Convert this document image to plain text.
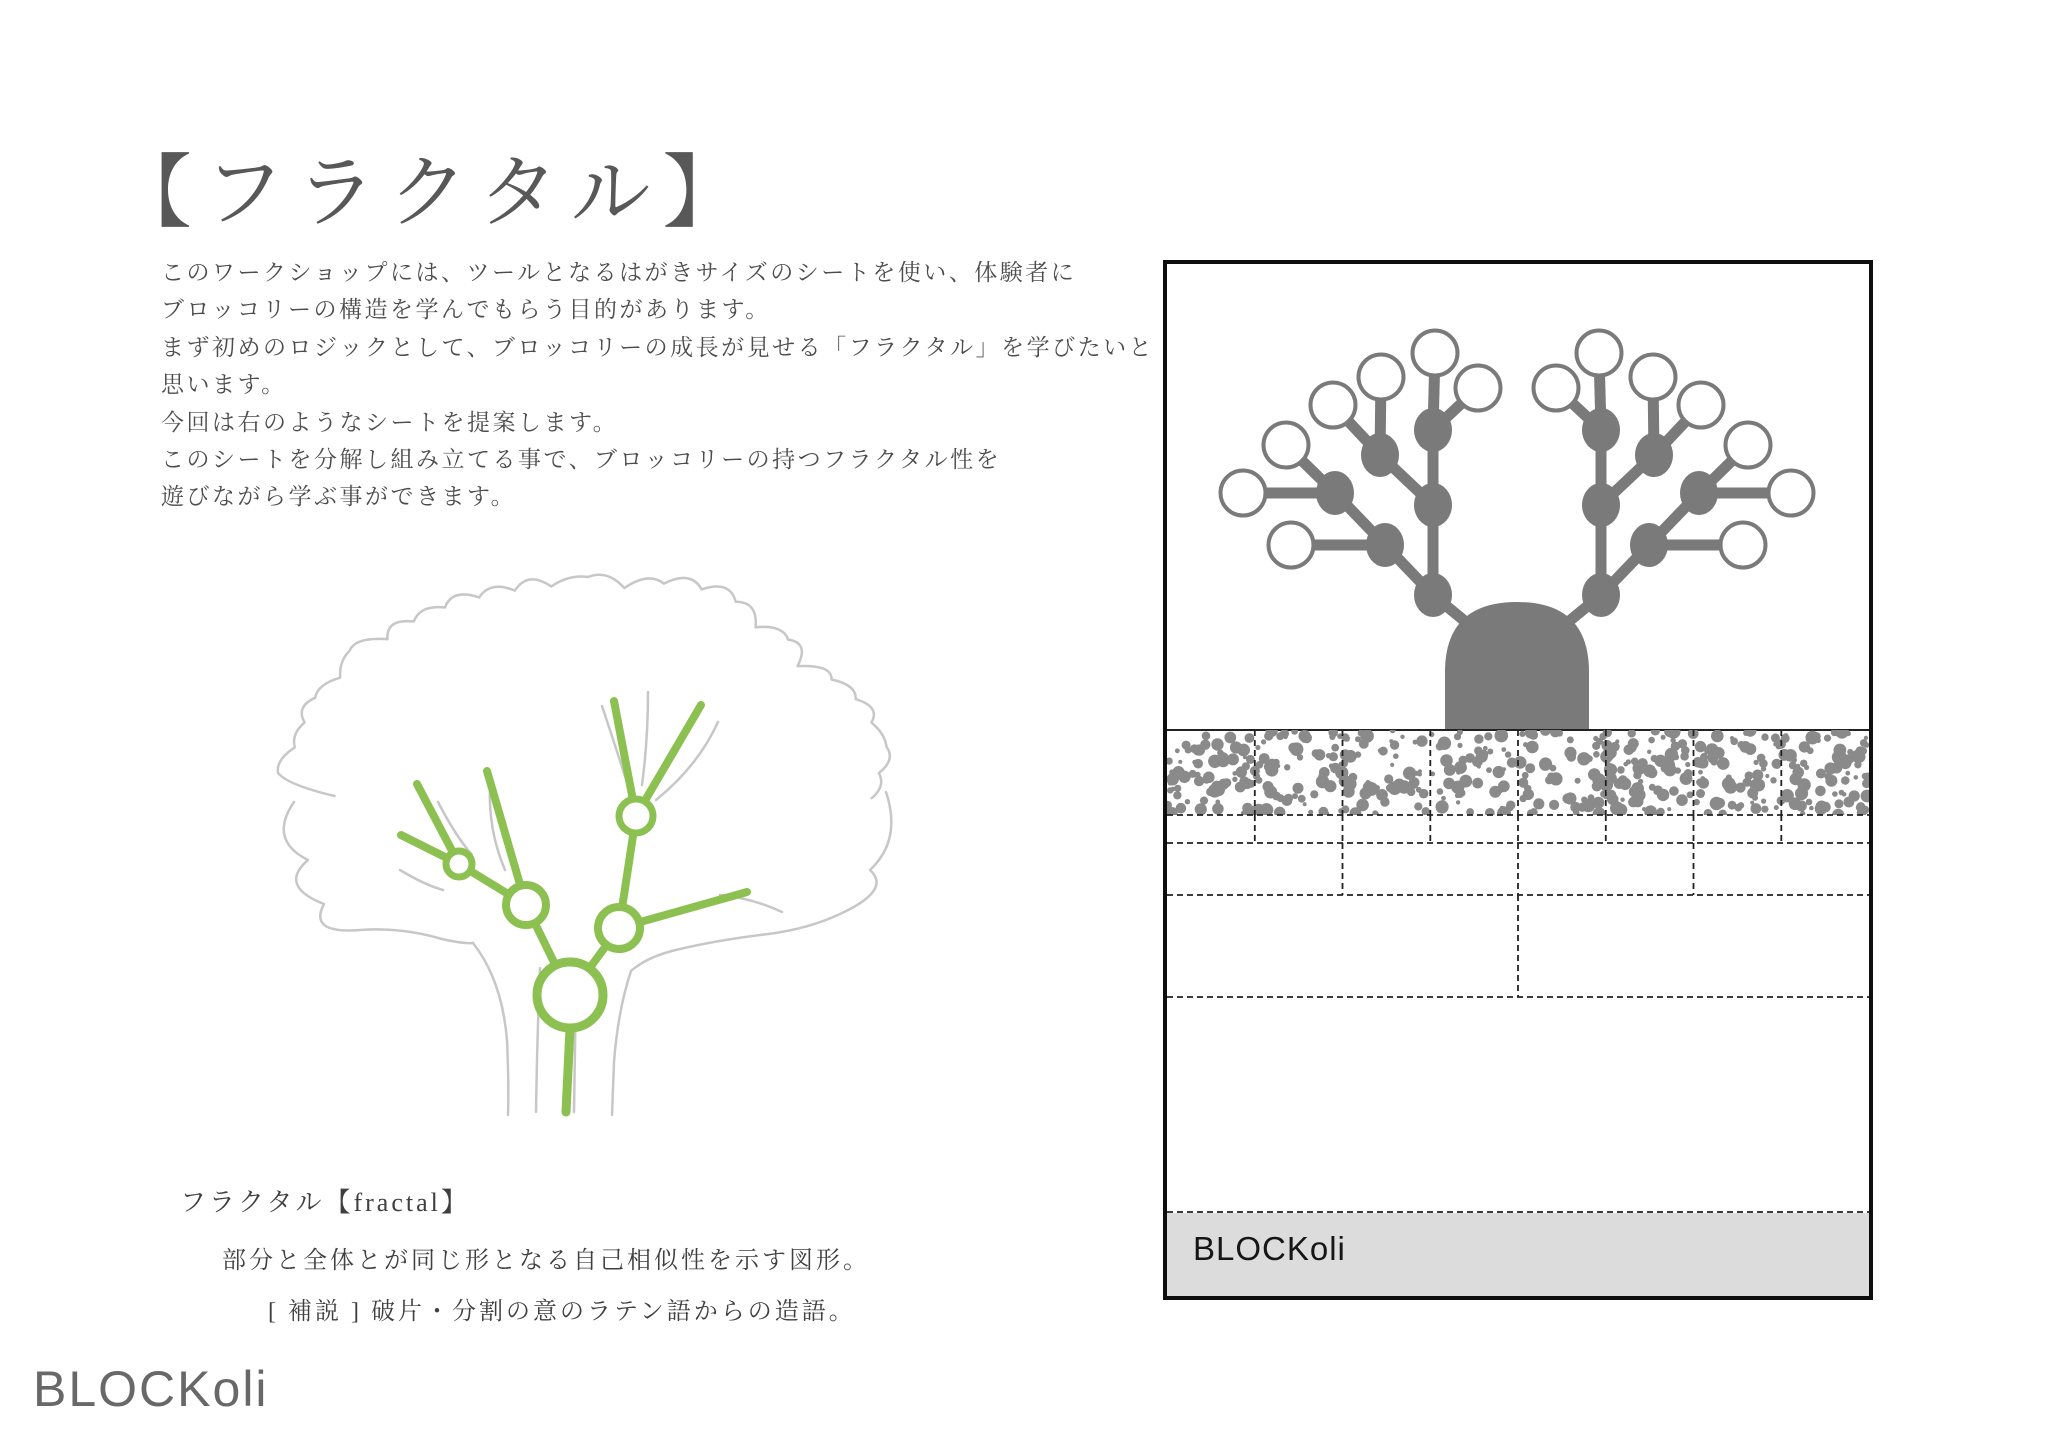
【フラクタル】
このワークショップには、ツールとなるはがきサイズのシートを使い、体験者に
ブロッコリーの構造を学んでもらう目的があります。
まず初めのロジックとして、ブロッコリーの成長が見せる「フラクタル」を学びたいと
思います。
今回は右のようなシートを提案します。
このシートを分解し組み立てる事で、ブロッコリーの持つフラクタル性を
遊びながら学ぶ事ができます。
フラクタル【fractal】
部分と全体とが同じ形となる自己相似性を示す図形。
[ 補説 ] 破片・分割の意のラテン語からの造語。
BLOCKoli
BLOCKoli
